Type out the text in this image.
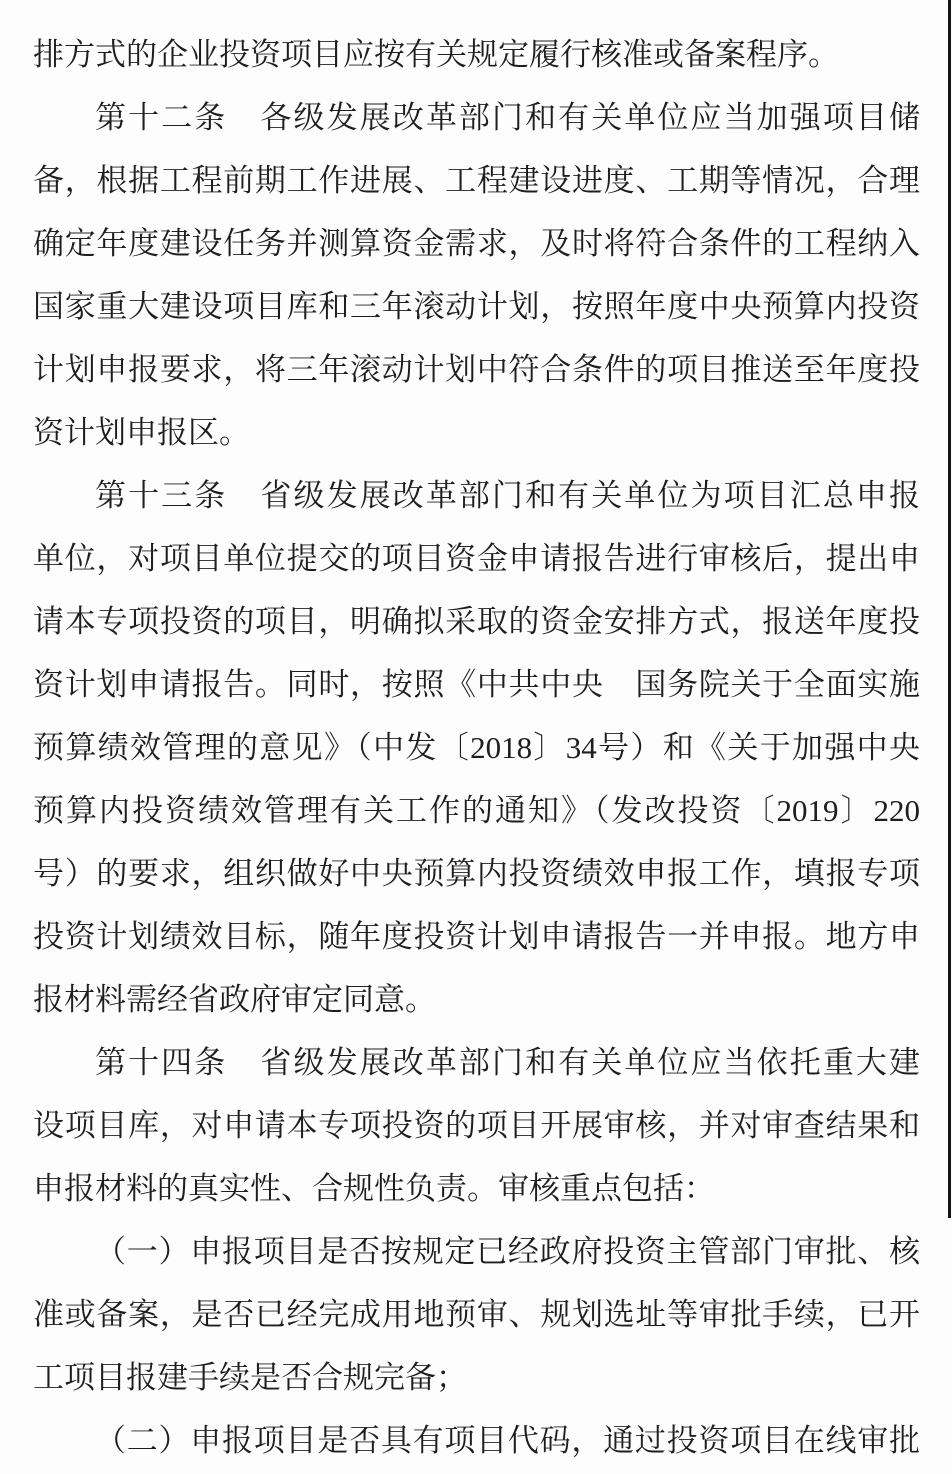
排方式的企业投资项目应按有关规定履行核准或备案程序。
第十二条　各级发展改革部门和有关单位应当加强项目储
备，根据工程前期工作进展、工程建设进度、工期等情况，合理
确定年度建设任务并测算资金需求，及时将符合条件的工程纳入
国家重大建设项目库和三年滚动计划，按照年度中央预算内投资
计划申报要求，将三年滚动计划中符合条件的项目推送至年度投
资计划申报区。
第十三条　省级发展改革部门和有关单位为项目汇总申报
单位，对项目单位提交的项目资金申请报告进行审核后，提出申
请本专项投资的项目，明确拟采取的资金安排方式，报送年度投
资计划申请报告。同时，按照《中共中央　国务院关于全面实施
预算绩效管理的意见》（中发〔2018〕34号）和《关于加强中央
预算内投资绩效管理有关工作的通知》（发改投资〔2019〕220
号）的要求，组织做好中央预算内投资绩效申报工作，填报专项
投资计划绩效目标，随年度投资计划申请报告一并申报。地方申
报材料需经省政府审定同意。
第十四条　省级发展改革部门和有关单位应当依托重大建
设项目库，对申请本专项投资的项目开展审核，并对审查结果和
申报材料的真实性、合规性负责。审核重点包括：
（一）申报项目是否按规定已经政府投资主管部门审批、核
准或备案，是否已经完成用地预审、规划选址等审批手续，已开
工项目报建手续是否合规完备；
（二）申报项目是否具有项目代码，通过投资项目在线审批
